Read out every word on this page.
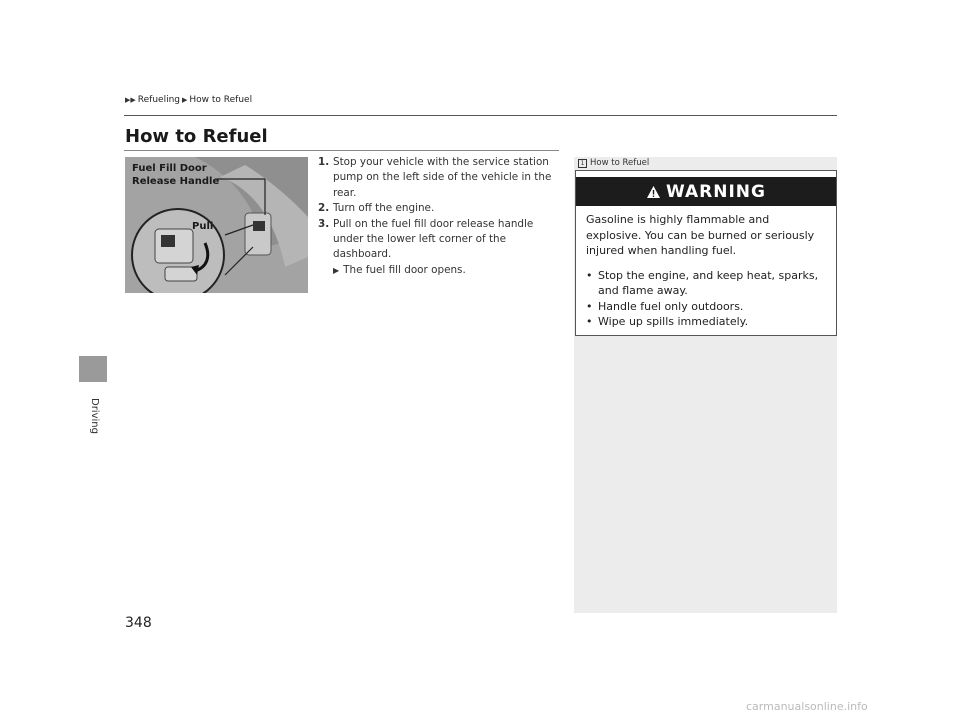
Driving
▶▶ Refueling ▶ How to Refuel
How to Refuel
Fuel Fill Door
Release Handle
Pull
1. Stop your vehicle with the service station pump on the left side of the vehicle in the rear.
2. Turn off the engine.
3. Pull on the fuel fill door release handle under the lower left corner of the dashboard.
▶ The fuel fill door opens.
1 How to Refuel
WARNING
Gasoline is highly flammable and explosive. You can be burned or seriously injured when handling fuel.
• Stop the engine, and keep heat, sparks, and flame away.
• Handle fuel only outdoors.
• Wipe up spills immediately.
348
carmanualsonline.info
